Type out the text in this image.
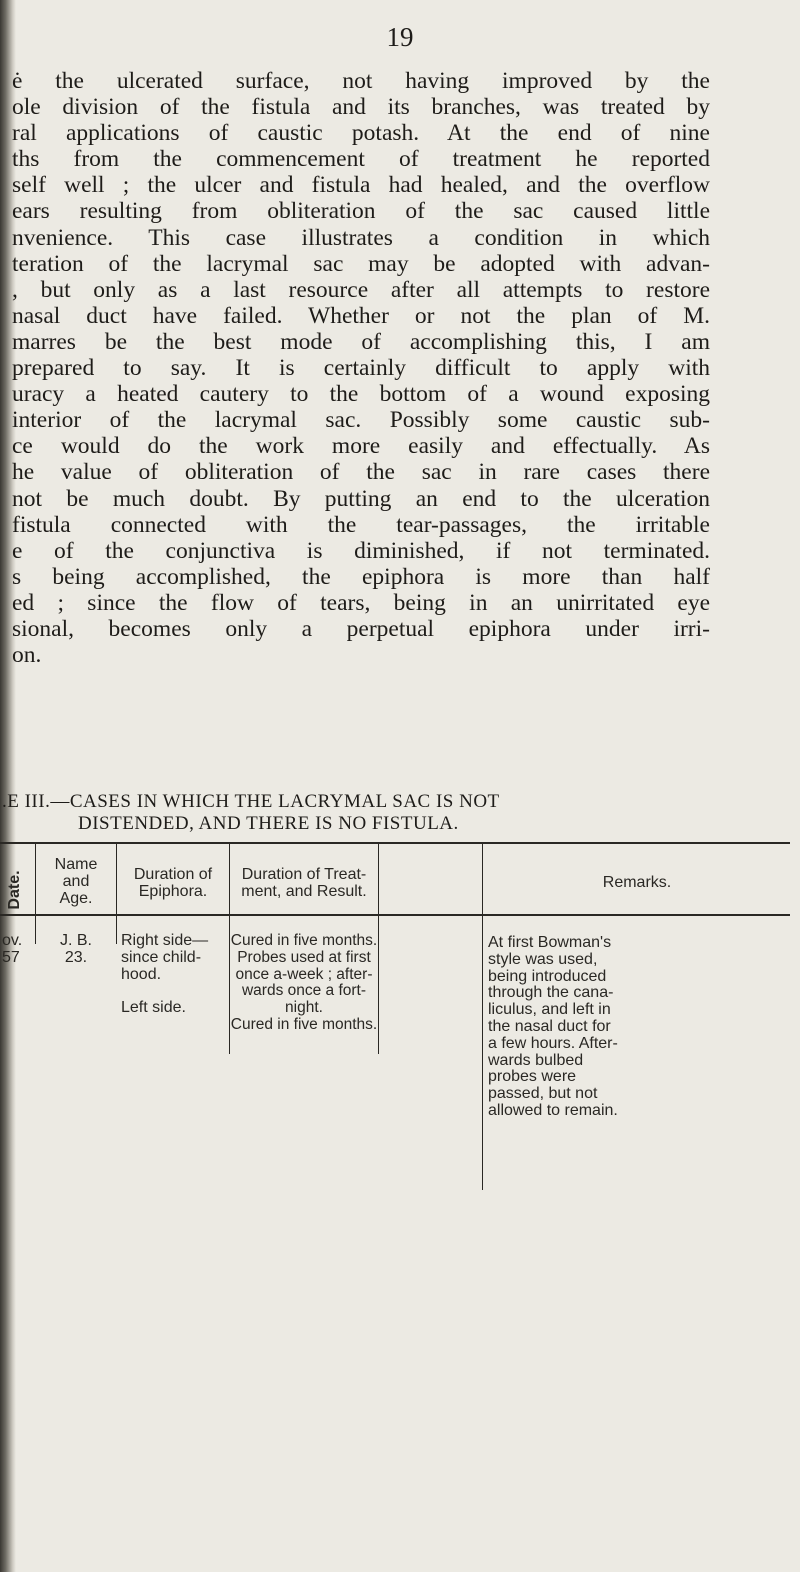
19
ė the ulcerated surface, not having improved by the
ole division of the fistula and its branches, was treated by
ral applications of caustic potash. At the end of nine
ths from the commencement of treatment he reported
self well ; the ulcer and fistula had healed, and the overflow
ears resulting from obliteration of the sac caused little
nvenience. This case illustrates a condition in which
teration of the lacrymal sac may be adopted with advan-
, but only as a last resource after all attempts to restore
nasal duct have failed. Whether or not the plan of M.
marres be the best mode of accomplishing this, I am
prepared to say. It is certainly difficult to apply with
uracy a heated cautery to the bottom of a wound exposing
interior of the lacrymal sac. Possibly some caustic sub-
ce would do the work more easily and effectually. As
he value of obliteration of the sac in rare cases there
not be much doubt. By putting an end to the ulceration
fistula connected with the tear-passages, the irritable
e of the conjunctiva is diminished, if not terminated.
s being accomplished, the epiphora is more than half
ed ; since the flow of tears, being in an unirritated eye
sional, becomes only a perpetual epiphora under irri-
on.
.E III.—CASES IN WHICH THE LACRYMAL SAC IS NOT
DISTENDED, AND THERE IS NO FISTULA.
Date.
Name
and
Age.
Duration of
Epiphora.
Duration of Treat-
ment, and Result.
Remarks.
ov.
57
J. B.
23.
Right side—
since child-
hood.

Left side.
Cured in five months.
Probes used at first
once a-week ; after-
wards once a fort-
night.
Cured in five months.
At first Bowman's
style was used,
being introduced
through the cana-
liculus, and left in
the nasal duct for
a few hours. After-
wards bulbed
probes were
passed, but not
allowed to remain.
